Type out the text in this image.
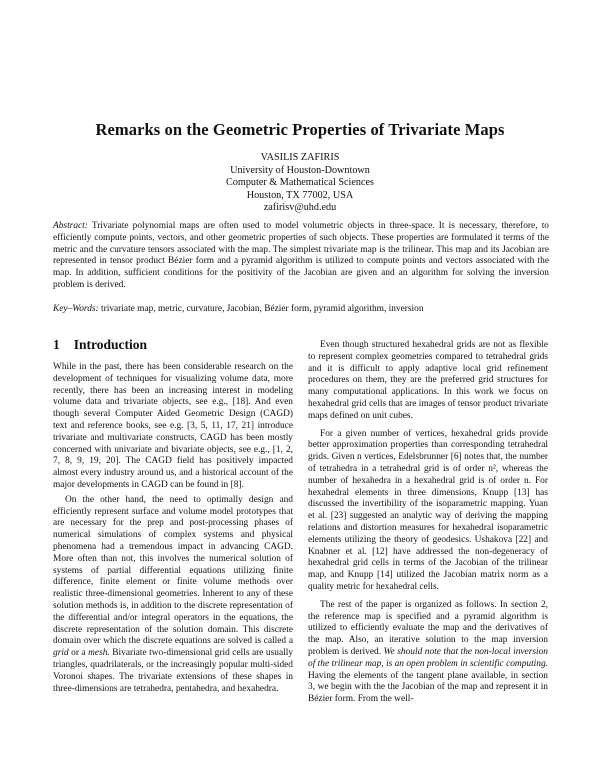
Remarks on the Geometric Properties of Trivariate Maps
VASILIS ZAFIRIS
University of Houston-Downtown
Computer & Mathematical Sciences
Houston, TX 77002, USA
zafirisv@uhd.edu
Abstract: Trivariate polynomial maps are often used to model volumetric objects in three-space. It is necessary, therefore, to efficiently compute points, vectors, and other geometric properties of such objects. These properties are formulated it terms of the metric and the curvature tensors associated with the map. The simplest trivariate map is the trilinear. This map and its Jacobian are represented in tensor product Bézier form and a pyramid algorithm is utilized to compute points and vectors associated with the map. In addition, sufficient conditions for the positivity of the Jacobian are given and an algorithm for solving the inversion problem is derived.
Key–Words: trivariate map, metric, curvature, Jacobian, Bézier form, pyramid algorithm, inversion
1 Introduction

While in the past, there has been considerable research on the development of techniques for visualizing volume data, more recently, there has been an increasing interest in modeling volume data and trivariate objects, see e.g., [18]. And even though several Computer Aided Geometric Design (CAGD) text and reference books, see e.g. [3, 5, 11, 17, 21] introduce trivariate and multivariate constructs, CAGD has been mostly concerned with univariate and bivariate objects, see e.g., [1, 2, 7, 8, 9, 19, 20]. The CAGD field has positively impacted almost every industry around us, and a historical account of the major developments in CAGD can be found in [8].

On the other hand, the need to optimally design and efficiently represent surface and volume model prototypes that are necessary for the prep and post-processing phases of numerical simulations of complex systems and physical phenomena had a tremendous impact in advancing CAGD. More often than not, this involves the numerical solution of systems of partial differential equations utilizing finite difference, finite element or finite volume methods over realistic three-dimensional geometries. Inherent to any of these solution methods is, in addition to the discrete representation of the differential and/or integral operators in the equations, the discrete representation of the solution domain. This discrete domain over which the discrete equations are solved is called a grid or a mesh. Bivariate two-dimensional grid cells are usually triangles, quadrilaterals, or the increasingly popular multi-sided Voronoi shapes. The trivariate extensions of these shapes in three-dimensions are tetrahedra, pentahedra, and hexahedra.

Even though structured hexahedral grids are not as flexible to represent complex geometries compared to tetrahedral grids and it is difficult to apply adaptive local grid refinement procedures on them, they are the preferred grid structures for many computational applications. In this work we focus on hexahedral grid cells that are images of tensor product trivariate maps defined on unit cubes.

For a given number of vertices, hexahedral grids provide better approximation properties than corresponding tetrahedral grids. Given n vertices, Edelsbrunner [6] notes that, the number of tetrahedra in a tetrahedral grid is of order n², whereas the number of hexahedra in a hexahedral grid is of order n. For hexahedral elements in three dimensions, Knupp [13] has discussed the invertibility of the isoparametric mapping. Yuan et al. [23] suggested an analytic way of deriving the mapping relations and distortion measures for hexahedral isoparametric elements utilizing the theory of geodesics. Ushakova [22] and Knabner et al. [12] have addressed the non-degeneracy of hexahedral grid cells in terms of the Jacobian of the trilinear map, and Knupp [14] utilized the Jacobian matrix norm as a quality metric for hexahedral cells.

The rest of the paper is organized as follows. In section 2, the reference map is specified and a pyramid algorithm is utilized to efficiently evaluate the map and the derivatives of the map. Also, an iterative solution to the map inversion problem is derived. We should note that the non-local inversion of the trilinear map, is an open problem in scientific computing. Having the elements of the tangent plane available, in section 3, we begin with the the Jacobian of the map and represent it in Bézier form. From the well-
